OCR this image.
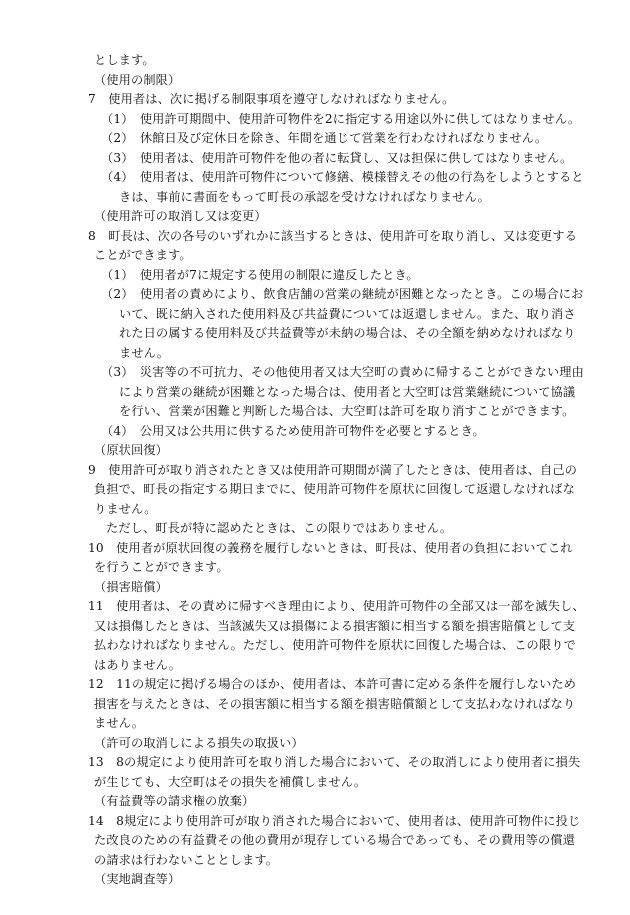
とします。
（使用の制限）
7　使用者は、次に掲げる制限事項を遵守しなければなりません。
（1）　使用許可期間中、使用許可物件を2に指定する用途以外に供してはなりません。
（2）　休館日及び定休日を除き、年間を通じて営業を行わなければなりません。
（3）　使用者は、使用許可物件を他の者に転貸し、又は担保に供してはなりません。
（4）　使用者は、使用許可物件について修繕、模様替えその他の行為をしようとすると
きは、事前に書面をもって町長の承認を受けなければなりません。
（使用許可の取消し又は変更）
8　町長は、次の各号のいずれかに該当するときは、使用許可を取り消し、又は変更する
ことができます。
（1）　使用者が7に規定する使用の制限に違反したとき。
（2）　使用者の責めにより、飲食店舗の営業の継続が困難となったとき。この場合にお
いて、既に納入された使用料及び共益費については返還しません。また、取り消さ
れた日の属する使用料及び共益費等が未納の場合は、その全額を納めなければなり
ません。
（3）　災害等の不可抗力、その他使用者又は大空町の責めに帰することができない理由
により営業の継続が困難となった場合は、使用者と大空町は営業継続について協議
を行い、営業が困難と判断した場合は、大空町は許可を取り消すことができます。
（4）　公用又は公共用に供するため使用許可物件を必要とするとき。
（原状回復）
9　使用許可が取り消されたとき又は使用許可期間が満了したときは、使用者は、自己の
負担で、町長の指定する期日までに、使用許可物件を原状に回復して返還しなければな
りません。
ただし、町長が特に認めたときは、この限りではありません。
10　使用者が原状回復の義務を履行しないときは、町長は、使用者の負担においてこれ
を行うことができます。
（損害賠償）
11　使用者は、その責めに帰すべき理由により、使用許可物件の全部又は一部を滅失し、
又は損傷したときは、当該滅失又は損傷による損害額に相当する額を損害賠償として支
払わなければなりません。ただし、使用許可物件を原状に回復した場合は、この限りで
はありません。
12　11の規定に掲げる場合のほか、使用者は、本許可書に定める条件を履行しないため
損害を与えたときは、その損害額に相当する額を損害賠償額として支払わなければなり
ません。
（許可の取消しによる損失の取扱い）
13　8の規定により使用許可を取り消した場合において、その取消しにより使用者に損失
が生じても、大空町はその損失を補償しません。
（有益費等の請求権の放棄）
14　8規定により使用許可が取り消された場合において、使用者は、使用許可物件に投じ
た改良のための有益費その他の費用が現存している場合であっても、その費用等の償還
の請求は行わないこととします。
（実地調査等）
